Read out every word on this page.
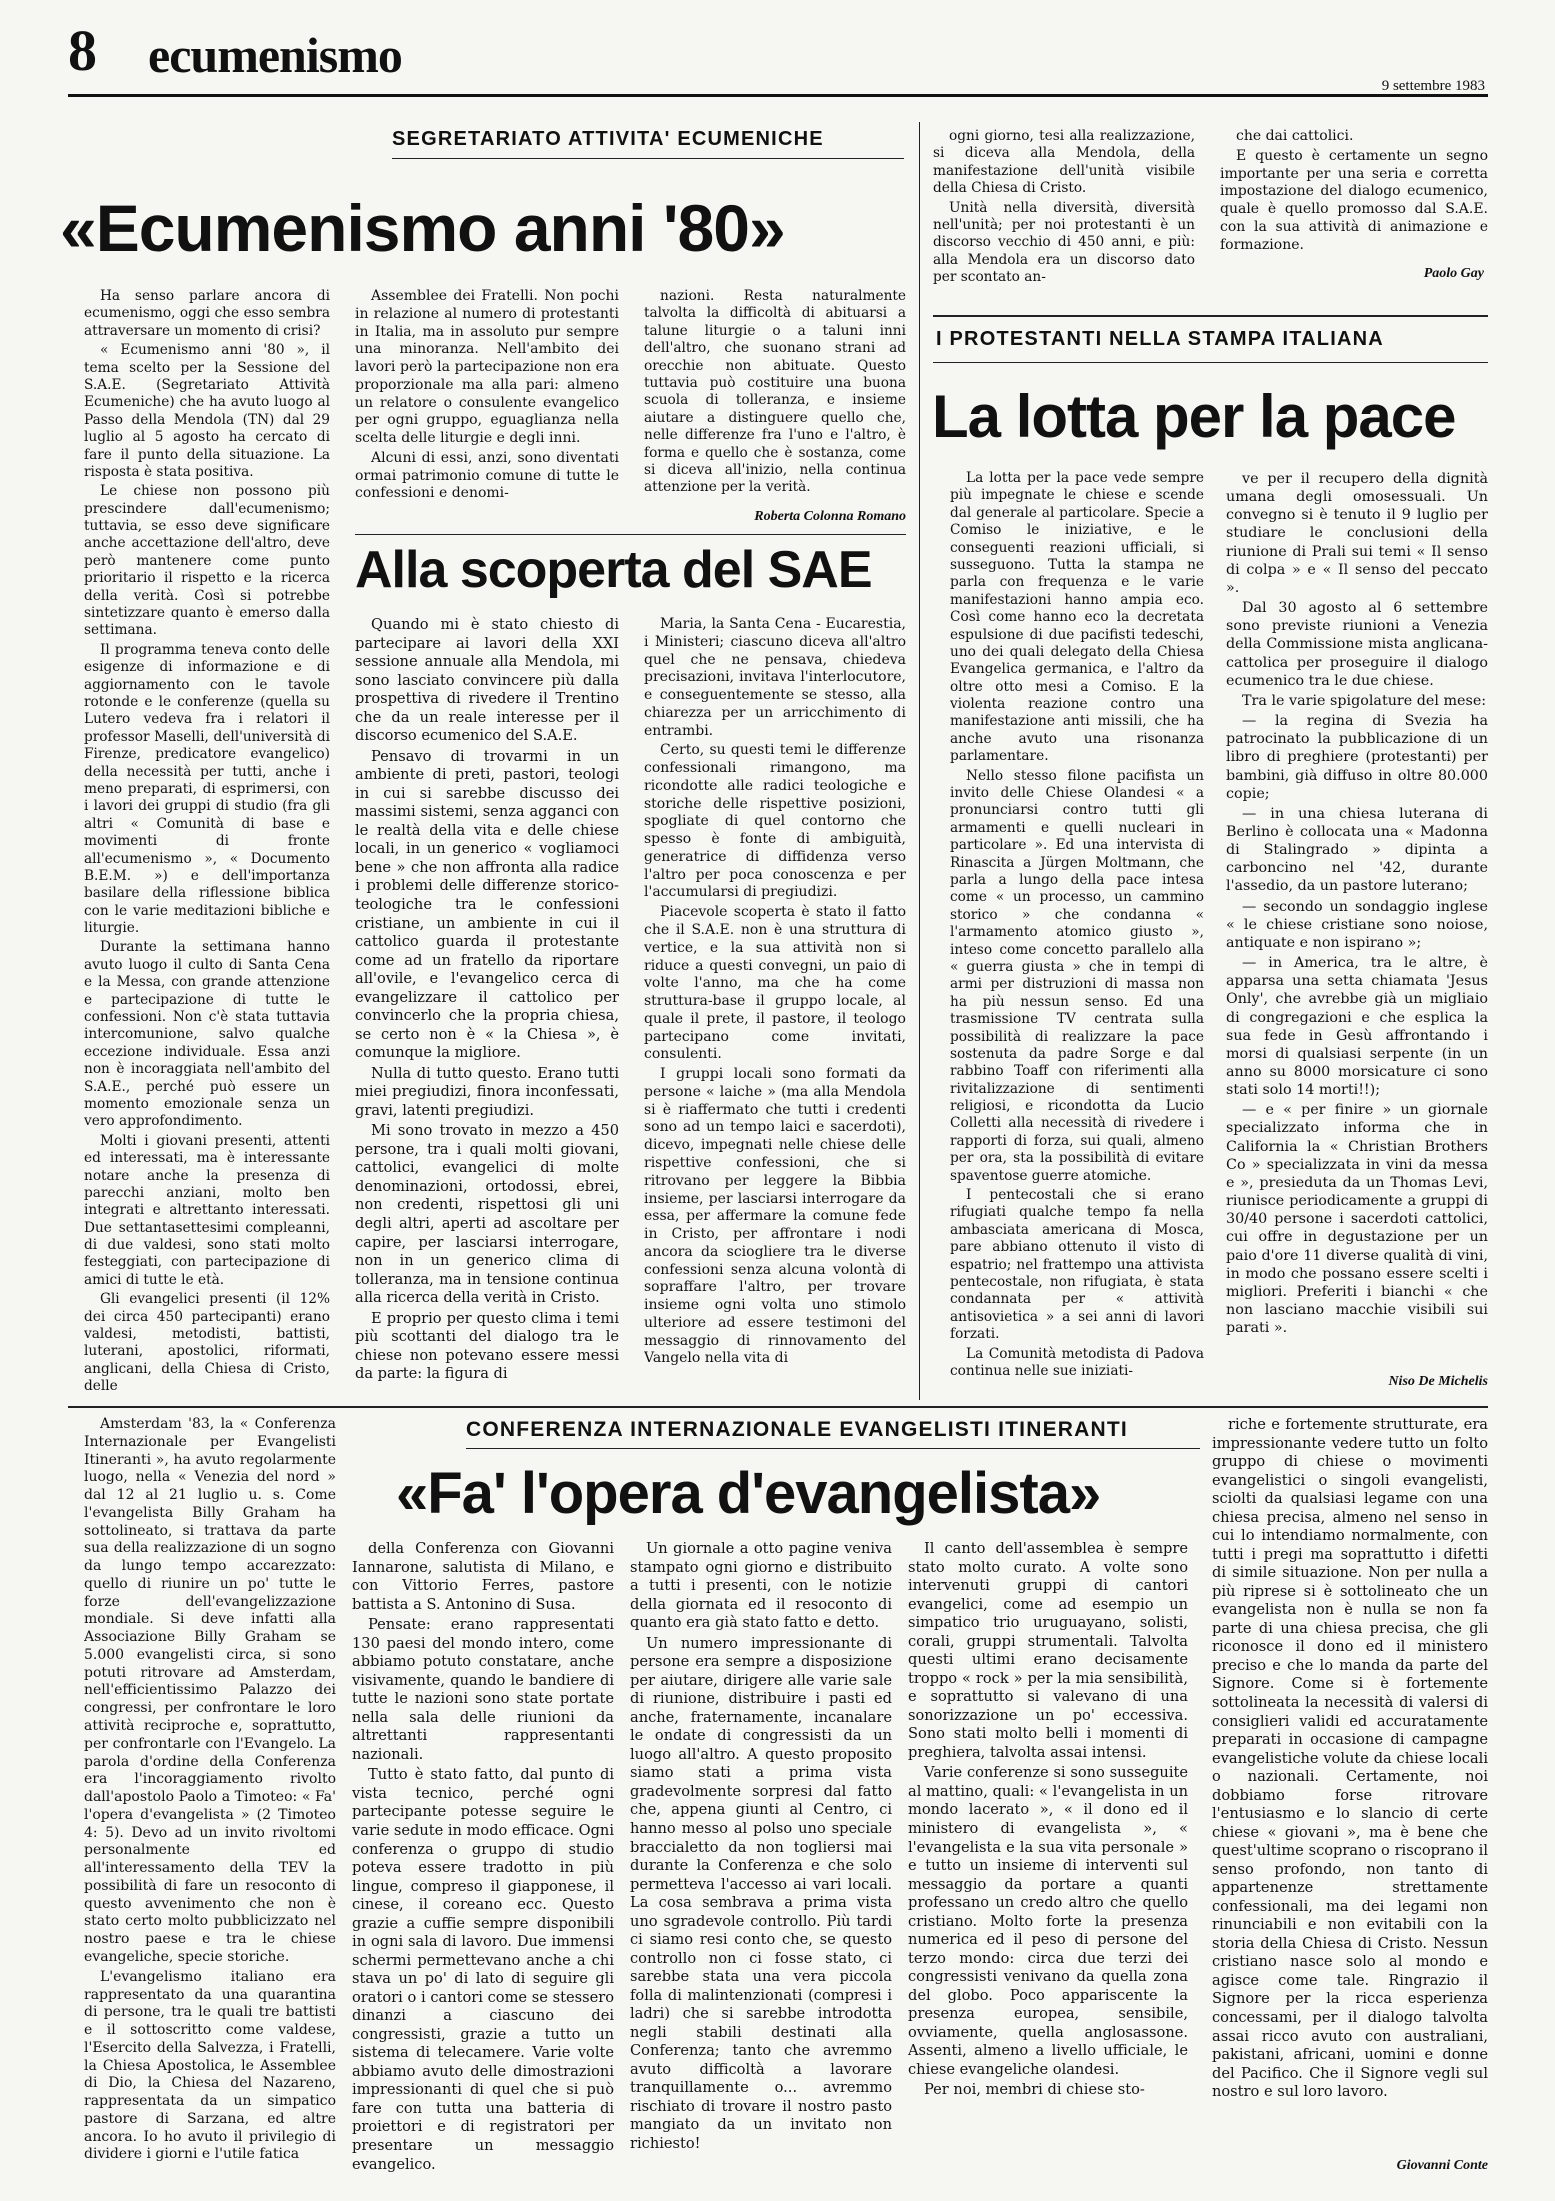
8 ecumenismo
9 settembre 1983
SEGRETARIATO ATTIVITA' ECUMENICHE
«Ecumenismo anni '80»

Ha senso parlare ancora di ecumenismo, oggi che esso sembra attraversare un momento di crisi?

« Ecumenismo anni '80 », il tema scelto per la Sessione del S.A.E. (Segretariato Attività Ecumeniche) che ha avuto luogo al Passo della Mendola (TN) dal 29 luglio al 5 agosto ha cercato di fare il punto della situazione. La risposta è stata positiva.

Le chiese non possono più prescindere dall'ecumenismo; tuttavia, se esso deve significare anche accettazione dell'altro, deve però mantenere come punto prioritario il rispetto e la ricerca della verità. Così si potrebbe sintetizzare quanto è emerso dalla settimana.

Il programma teneva conto delle esigenze di informazione e di aggiornamento con le tavole rotonde e le conferenze (quella su Lutero vedeva fra i relatori il professor Maselli, dell'università di Firenze, predicatore evangelico) della necessità per tutti, anche i meno preparati, di esprimersi, con i lavori dei gruppi di studio (fra gli altri « Comunità di base e movimenti di fronte all'ecumenismo », « Documento B.E.M. ») e dell'importanza basilare della riflessione biblica con le varie meditazioni bibliche e liturgie.

Durante la settimana hanno avuto luogo il culto di Santa Cena e la Messa, con grande attenzione e partecipazione di tutte le confessioni. Non c'è stata tuttavia intercomunione, salvo qualche eccezione individuale. Essa anzi non è incoraggiata nell'ambito del S.A.E., perché può essere un momento emozionale senza un vero approfondimento.

Molti i giovani presenti, attenti ed interessati, ma è interessante notare anche la presenza di parecchi anziani, molto ben integrati e altrettanto interessati. Due settantasettesimi compleanni, di due valdesi, sono stati molto festeggiati, con partecipazione di amici di tutte le età.

Gli evangelici presenti (il 12% dei circa 450 partecipanti) erano valdesi, metodisti, battisti, luterani, apostolici, riformati, anglicani, della Chiesa di Cristo, delle

Assemblee dei Fratelli. Non pochi in relazione al numero di protestanti in Italia, ma in assoluto pur sempre una minoranza. Nell'ambito dei lavori però la partecipazione non era proporzionale ma alla pari: almeno un relatore o consulente evangelico per ogni gruppo, eguaglianza nella scelta delle liturgie e degli inni.

Alcuni di essi, anzi, sono diventati ormai patrimonio comune di tutte le confessioni e denomi-

nazioni. Resta naturalmente talvolta la difficoltà di abituarsi a talune liturgie o a taluni inni dell'altro, che suonano strani ad orecchie non abituate. Questo tuttavia può costituire una buona scuola di tolleranza, e insieme aiutare a distinguere quello che, nelle differenze fra l'uno e l'altro, è forma e quello che è sostanza, come si diceva all'inizio, nella continua attenzione per la verità.

Roberta Colonna Romano
Alla scoperta del SAE

Quando mi è stato chiesto di partecipare ai lavori della XXI sessione annuale alla Mendola, mi sono lasciato convincere più dalla prospettiva di rivedere il Trentino che da un reale interesse per il discorso ecumenico del S.A.E.

Pensavo di trovarmi in un ambiente di preti, pastori, teologi in cui si sarebbe discusso dei massimi sistemi, senza agganci con le realtà della vita e delle chiese locali, in un generico « vogliamoci bene » che non affronta alla radice i problemi delle differenze storico-teologiche tra le confessioni cristiane, un ambiente in cui il cattolico guarda il protestante come ad un fratello da riportare all'ovile, e l'evangelico cerca di evangelizzare il cattolico per convincerlo che la propria chiesa, se certo non è « la Chiesa », è comunque la migliore.

Nulla di tutto questo. Erano tutti miei pregiudizi, finora inconfessati, gravi, latenti pregiudizi.

Mi sono trovato in mezzo a 450 persone, tra i quali molti giovani, cattolici, evangelici di molte denominazioni, ortodossi, ebrei, non credenti, rispettosi gli uni degli altri, aperti ad ascoltare per capire, per lasciarsi interrogare, non in un generico clima di tolleranza, ma in tensione continua alla ricerca della verità in Cristo.

E proprio per questo clima i temi più scottanti del dialogo tra le chiese non potevano essere messi da parte: la figura di

Maria, la Santa Cena - Eucarestia, i Ministeri; ciascuno diceva all'altro quel che ne pensava, chiedeva precisazioni, invitava l'interlocutore, e conseguentemente se stesso, alla chiarezza per un arricchimento di entrambi.

Certo, su questi temi le differenze confessionali rimangono, ma ricondotte alle radici teologiche e storiche delle rispettive posizioni, spogliate di quel contorno che spesso è fonte di ambiguità, generatrice di diffidenza verso l'altro per poca conoscenza e per l'accumularsi di pregiudizi.

Piacevole scoperta è stato il fatto che il S.A.E. non è una struttura di vertice, e la sua attività non si riduce a questi convegni, un paio di volte l'anno, ma che ha come struttura-base il gruppo locale, al quale il prete, il pastore, il teologo partecipano come invitati, consulenti.

I gruppi locali sono formati da persone « laiche » (ma alla Mendola si è riaffermato che tutti i credenti sono ad un tempo laici e sacerdoti), dicevo, impegnati nelle chiese delle rispettive confessioni, che si ritrovano per leggere la Bibbia insieme, per lasciarsi interrogare da essa, per affermare la comune fede in Cristo, per affrontare i nodi ancora da sciogliere tra le diverse confessioni senza alcuna volontà di sopraffare l'altro, per trovare insieme ogni volta uno stimolo ulteriore ad essere testimoni del messaggio di rinnovamento del Vangelo nella vita di

ogni giorno, tesi alla realizzazione, si diceva alla Mendola, della manifestazione dell'unità visibile della Chiesa di Cristo.

Unità nella diversità, diversità nell'unità; per noi protestanti è un discorso vecchio di 450 anni, e più: alla Mendola era un discorso dato per scontato an-

che dai cattolici.

E questo è certamente un segno importante per una seria e corretta impostazione del dialogo ecumenico, quale è quello promosso dal S.A.E. con la sua attività di animazione e formazione.

Paolo Gay
I PROTESTANTI NELLA STAMPA ITALIANA
La lotta per la pace

La lotta per la pace vede sempre più impegnate le chiese e scende dal generale al particolare. Specie a Comiso le iniziative, e le conseguenti reazioni ufficiali, si susseguono. Tutta la stampa ne parla con frequenza e le varie manifestazioni hanno ampia eco. Così come hanno eco la decretata espulsione di due pacifisti tedeschi, uno dei quali delegato della Chiesa Evangelica germanica, e l'altro da oltre otto mesi a Comiso. E la violenta reazione contro una manifestazione anti missili, che ha anche avuto una risonanza parlamentare.

Nello stesso filone pacifista un invito delle Chiese Olandesi « a pronunciarsi contro tutti gli armamenti e quelli nucleari in particolare ». Ed una intervista di Rinascita a Jürgen Moltmann, che parla a lungo della pace intesa come « un processo, un cammino storico » che condanna « l'armamento atomico giusto », inteso come concetto parallelo alla « guerra giusta » che in tempi di armi per distruzioni di massa non ha più nessun senso. Ed una trasmissione TV centrata sulla possibilità di realizzare la pace sostenuta da padre Sorge e dal rabbino Toaff con riferimenti alla rivitalizzazione di sentimenti religiosi, e ricondotta da Lucio Colletti alla necessità di rivedere i rapporti di forza, sui quali, almeno per ora, sta la possibilità di evitare spaventose guerre atomiche.

I pentecostali che si erano rifugiati qualche tempo fa nella ambasciata americana di Mosca, pare abbiano ottenuto il visto di espatrio; nel frattempo una attivista pentecostale, non rifugiata, è stata condannata per « attività antisovietica » a sei anni di lavori forzati.

La Comunità metodista di Padova continua nelle sue iniziati-

ve per il recupero della dignità umana degli omosessuali. Un convegno si è tenuto il 9 luglio per studiare le conclusioni della riunione di Prali sui temi « Il senso di colpa » e « Il senso del peccato ».

Dal 30 agosto al 6 settembre sono previste riunioni a Venezia della Commissione mista anglicana-cattolica per proseguire il dialogo ecumenico tra le due chiese.

Tra le varie spigolature del mese:

— la regina di Svezia ha patrocinato la pubblicazione di un libro di preghiere (protestanti) per bambini, già diffuso in oltre 80.000 copie;

— in una chiesa luterana di Berlino è collocata una « Madonna di Stalingrado » dipinta a carboncino nel '42, durante l'assedio, da un pastore luterano;

— secondo un sondaggio inglese « le chiese cristiane sono noiose, antiquate e non ispirano »;

— in America, tra le altre, è apparsa una setta chiamata 'Jesus Only', che avrebbe già un migliaio di congregazioni e che esplica la sua fede in Gesù affrontando i morsi di qualsiasi serpente (in un anno su 8000 morsicature ci sono stati solo 14 morti!!);

— e « per finire » un giornale specializzato informa che in California la « Christian Brothers Co » specializzata in vini da messa e », presieduta da un Thomas Levi, riunisce periodicamente a gruppi di 30/40 persone i sacerdoti cattolici, cui offre in degustazione per un paio d'ore 11 diverse qualità di vini, in modo che possano essere scelti i migliori. Preferiti i bianchi « che non lasciano macchie visibili sui parati ».

Niso De Michelis
CONFERENZA INTERNAZIONALE EVANGELISTI ITINERANTI
«Fa' l'opera d'evangelista»

Amsterdam '83, la « Conferenza Internazionale per Evangelisti Itineranti », ha avuto regolarmente luogo, nella « Venezia del nord » dal 12 al 21 luglio u. s. Come l'evangelista Billy Graham ha sottolineato, si trattava da parte sua della realizzazione di un sogno da lungo tempo accarezzato: quello di riunire un po' tutte le forze dell'evangelizzazione mondiale. Si deve infatti alla Associazione Billy Graham se 5.000 evangelisti circa, si sono potuti ritrovare ad Amsterdam, nell'efficientissimo Palazzo dei congressi, per confrontare le loro attività reciproche e, soprattutto, per confrontarle con l'Evangelo. La parola d'ordine della Conferenza era l'incoraggiamento rivolto dall'apostolo Paolo a Timoteo: « Fa' l'opera d'evangelista » (2 Timoteo 4: 5). Devo ad un invito rivoltomi personalmente ed all'interessamento della TEV la possibilità di fare un resoconto di questo avvenimento che non è stato certo molto pubblicizzato nel nostro paese e tra le chiese evangeliche, specie storiche.

L'evangelismo italiano era rappresentato da una quarantina di persone, tra le quali tre battisti e il sottoscritto come valdese, l'Esercito della Salvezza, i Fratelli, la Chiesa Apostolica, le Assemblee di Dio, la Chiesa del Nazareno, rappresentata da un simpatico pastore di Sarzana, ed altre ancora. Io ho avuto il privilegio di dividere i giorni e l'utile fatica

della Conferenza con Giovanni Iannarone, salutista di Milano, e con Vittorio Ferres, pastore battista a S. Antonino di Susa.

Pensate: erano rappresentati 130 paesi del mondo intero, come abbiamo potuto constatare, anche visivamente, quando le bandiere di tutte le nazioni sono state portate nella sala delle riunioni da altrettanti rappresentanti nazionali.

Tutto è stato fatto, dal punto di vista tecnico, perché ogni partecipante potesse seguire le varie sedute in modo efficace. Ogni conferenza o gruppo di studio poteva essere tradotto in più lingue, compreso il giapponese, il cinese, il coreano ecc. Questo grazie a cuffie sempre disponibili in ogni sala di lavoro. Due immensi schermi permettevano anche a chi stava un po' di lato di seguire gli oratori o i cantori come se stessero dinanzi a ciascuno dei congressisti, grazie a tutto un sistema di telecamere. Varie volte abbiamo avuto delle dimostrazioni impressionanti di quel che si può fare con tutta una batteria di proiettori e di registratori per presentare un messaggio evangelico.

Un giornale a otto pagine veniva stampato ogni giorno e distribuito a tutti i presenti, con le notizie della giornata ed il resoconto di quanto era già stato fatto e detto.

Un numero impressionante di persone era sempre a disposizione per aiutare, dirigere alle varie sale di riunione, distribuire i pasti ed anche, fraternamente, incanalare le ondate di congressisti da un luogo all'altro. A questo proposito siamo stati a prima vista gradevolmente sorpresi dal fatto che, appena giunti al Centro, ci hanno messo al polso uno speciale braccialetto da non togliersi mai durante la Conferenza e che solo permetteva l'accesso ai vari locali. La cosa sembrava a prima vista uno sgradevole controllo. Più tardi ci siamo resi conto che, se questo controllo non ci fosse stato, ci sarebbe stata una vera piccola folla di malintenzionati (compresi i ladri) che si sarebbe introdotta negli stabili destinati alla Conferenza; tanto che avremmo avuto difficoltà a lavorare tranquillamente o... avremmo rischiato di trovare il nostro pasto mangiato da un invitato non richiesto!

Il canto dell'assemblea è sempre stato molto curato. A volte sono intervenuti gruppi di cantori evangelici, come ad esempio un simpatico trio uruguayano, solisti, corali, gruppi strumentali. Talvolta questi ultimi erano decisamente troppo « rock » per la mia sensibilità, e soprattutto si valevano di una sonorizzazione un po' eccessiva. Sono stati molto belli i momenti di preghiera, talvolta assai intensi.

Varie conferenze si sono susseguite al mattino, quali: « l'evangelista in un mondo lacerato », « il dono ed il ministero di evangelista », « l'evangelista e la sua vita personale » e tutto un insieme di interventi sul messaggio da portare a quanti professano un credo altro che quello cristiano. Molto forte la presenza numerica ed il peso di persone del terzo mondo: circa due terzi dei congressisti venivano da quella zona del globo. Poco appariscente la presenza europea, sensibile, ovviamente, quella anglosassone. Assenti, almeno a livello ufficiale, le chiese evangeliche olandesi.

Per noi, membri di chiese sto-

riche e fortemente strutturate, era impressionante vedere tutto un folto gruppo di chiese o movimenti evangelistici o singoli evangelisti, sciolti da qualsiasi legame con una chiesa precisa, almeno nel senso in cui lo intendiamo normalmente, con tutti i pregi ma soprattutto i difetti di simile situazione. Non per nulla a più riprese si è sottolineato che un evangelista non è nulla se non fa parte di una chiesa precisa, che gli riconosce il dono ed il ministero preciso e che lo manda da parte del Signore. Come si è fortemente sottolineata la necessità di valersi di consiglieri validi ed accuratamente preparati in occasione di campagne evangelistiche volute da chiese locali o nazionali. Certamente, noi dobbiamo forse ritrovare l'entusiasmo e lo slancio di certe chiese « giovani », ma è bene che quest'ultime scoprano o riscoprano il senso profondo, non tanto di appartenenze strettamente confessionali, ma dei legami non rinunciabili e non evitabili con la storia della Chiesa di Cristo. Nessun cristiano nasce solo al mondo e agisce come tale. Ringrazio il Signore per la ricca esperienza concessami, per il dialogo talvolta assai ricco avuto con australiani, pakistani, africani, uomini e donne del Pacifico. Che il Signore vegli sul nostro e sul loro lavoro.

Giovanni Conte
